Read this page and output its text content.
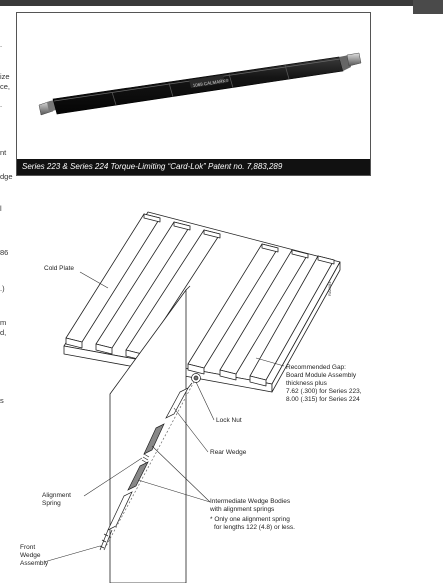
.
ize
ce,
.
nt
dge
l
86
.)
m
d,
s
1069 CALMARK®
Series 223 & Series 224 Torque-Limiting “Card-Lok” Patent no. 7,883,289
RA8684
Cold Plate
Recommended Gap:
Board Module Assembly
thickness plus
7.62 (.300) for Series 223,
8.00 (.315) for Series 224
Lock Nut
Rear Wedge
Alignment
Spring	Intermediate Wedge Bodies
with alignment springs
* Only one alignment spring
for lengths 122 (4.8) or less.
Front
Wedge
Assembly
